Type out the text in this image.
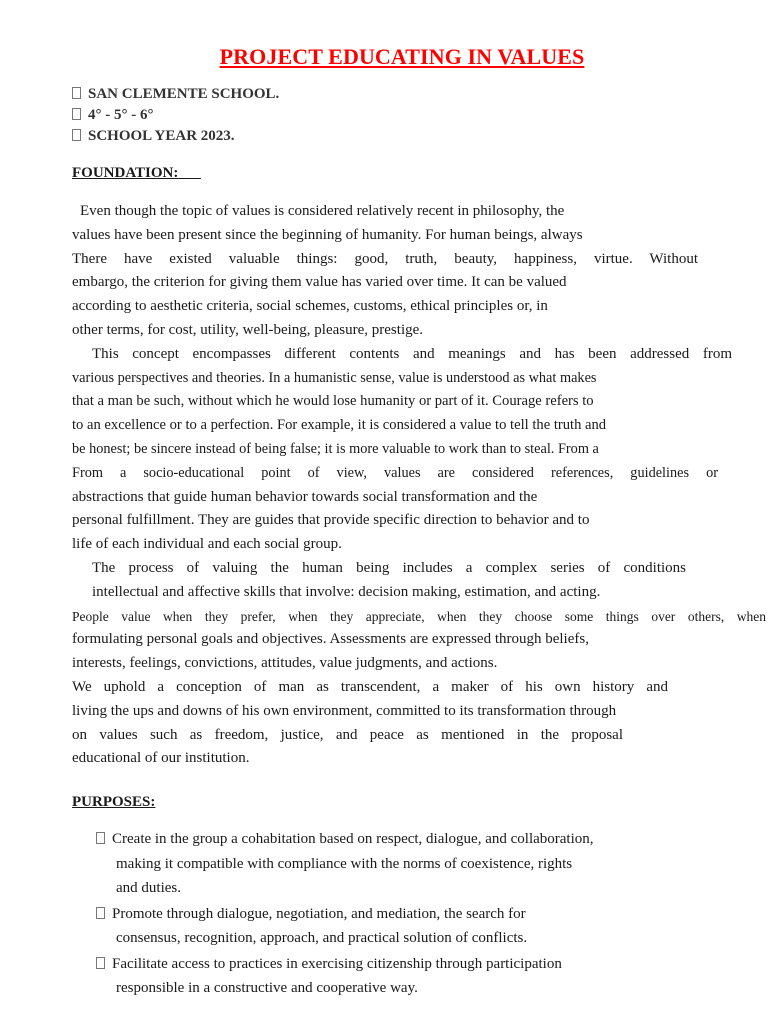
PROJECT EDUCATING IN VALUES
SAN CLEMENTE SCHOOL.
4° - 5° - 6°
SCHOOL YEAR 2023.
FOUNDATION:
Even though the topic of values is considered relatively recent in philosophy, the
values have been present since the beginning of humanity. For human beings, always
There have existed valuable things: good, truth, beauty, happiness, virtue. Without
embargo, the criterion for giving them value has varied over time. It can be valued
according to aesthetic criteria, social schemes, customs, ethical principles or, in
other terms, for cost, utility, well-being, pleasure, prestige.
This concept encompasses different contents and meanings and has been addressed from
various perspectives and theories. In a humanistic sense, value is understood as what makes
that a man be such, without which he would lose humanity or part of it. Courage refers to
to an excellence or to a perfection. For example, it is considered a value to tell the truth and
be honest; be sincere instead of being false; it is more valuable to work than to steal. From a
From a socio-educational point of view, values are considered references, guidelines or
abstractions that guide human behavior towards social transformation and the
personal fulfillment. They are guides that provide specific direction to behavior and to
life of each individual and each social group.
The process of valuing the human being includes a complex series of conditions
intellectual and affective skills that involve: decision making, estimation, and acting.
People value when they prefer, when they appreciate, when they choose some things over others, when
formulating personal goals and objectives. Assessments are expressed through beliefs,
interests, feelings, convictions, attitudes, value judgments, and actions.
We uphold a conception of man as transcendent, a maker of his own history and
living the ups and downs of his own environment, committed to its transformation through
on values such as freedom, justice, and peace as mentioned in the proposal
educational of our institution.
PURPOSES:
Create in the group a cohabitation based on respect, dialogue, and collaboration,
making it compatible with compliance with the norms of coexistence, rights
and duties.
Promote through dialogue, negotiation, and mediation, the search for
consensus, recognition, approach, and practical solution of conflicts.
Facilitate access to practices in exercising citizenship through participation
responsible in a constructive and cooperative way.
